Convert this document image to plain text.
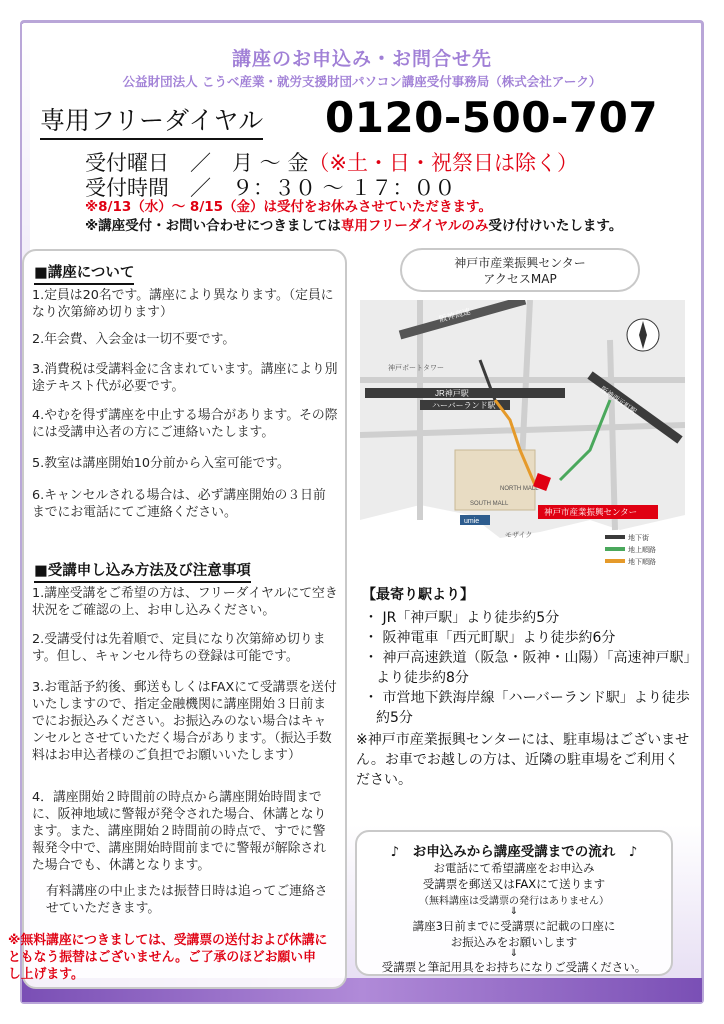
講座のお申込み・お問合せ先
公益財団法人 こうべ産業・就労支援財団パソコン講座受付事務局（株式会社アーク）
専用フリーダイヤル 0120-500-707
受付曜日　／　月 〜 金（※土・日・祝祭日は除く）
受付時間　／　９：３０ 〜 １７：００
※8/13（水）〜 8/15（金）は受付をお休みさせていただきます。
※講座受付・お問い合わせにつきましては専用フリーダイヤルのみ受け付けいたします。
■講座について
1.定員は20名です。講座により異なります。（定員になり次第締め切ります）
2.年会費、入会金は一切不要です。
3.消費税は受講料金に含まれています。講座により別途テキスト代が必要です。
4.やむを得ず講座を中止する場合があります。その際には受講申込者の方にご連絡いたします。
5.教室は講座開始10分前から入室可能です。
6.キャンセルされる場合は、必ず講座開始の３日前までにお電話にてご連絡ください。
■受講申し込み方法及び注意事項
1.講座受講をご希望の方は、フリーダイヤルにて空き状況をご確認の上、お申し込みください。
2.受講受付は先着順で、定員になり次第締め切ります。但し、キャンセル待ちの登録は可能です。
3.お電話予約後、郵送もしくはFAXにて受講票を送付いたしますので、指定金融機関に講座開始３日前までにお振込みください。お振込みのない場合はキャンセルとさせていただく場合があります。（振込手数料はお申込者様のご負担でお願いいたします）
4．講座開始２時間前の時点から講座開始時間までに、阪神地域に警報が発令された場合、休講となります。また、講座開始２時間前の時点で、すでに警報発令中で、講座開始時間前までに警報が解除された場合でも、休講となります。
有料講座の中止または振替日時は追ってご連絡させていただきます。
※無料講座につきましては、受講票の送付および休講にともなう振替はございません。ご了承のほどお願い申し上げます。
神戸市産業振興センター
アクセスMAP
阪神高速
JR神戸駅
ハーバーランド駅	阪神西元町駅
NORTH MALL
SOUTH MALL
umie
モザイク
神戸市産業振興センター
地下街
地上順路
地下順路
神戸ポートタワー
【最寄り駅より】
・ JR「神戸駅」より徒歩約5分
・ 阪神電車「西元町駅」より徒歩約6分
・ 神戸高速鉄道（阪急・阪神・山陽）「高速神戸駅」より徒歩約8分
・ 市営地下鉄海岸線「ハーバーランド駅」より徒歩約5分
※神戸市産業振興センターには、駐車場はございません。お車でお越しの方は、近隣の駐車場をご利用ください。
♪　お申込みから講座受講までの流れ　♪
お電話にて希望講座をお申込み
受講票を郵送又はFAXにて送ります
（無料講座は受講票の発行はありません）
⇓
講座3日前までに受講票に記載の口座に
お振込みをお願いします
⇓
受講票と筆記用具をお持ちになりご受講ください。
